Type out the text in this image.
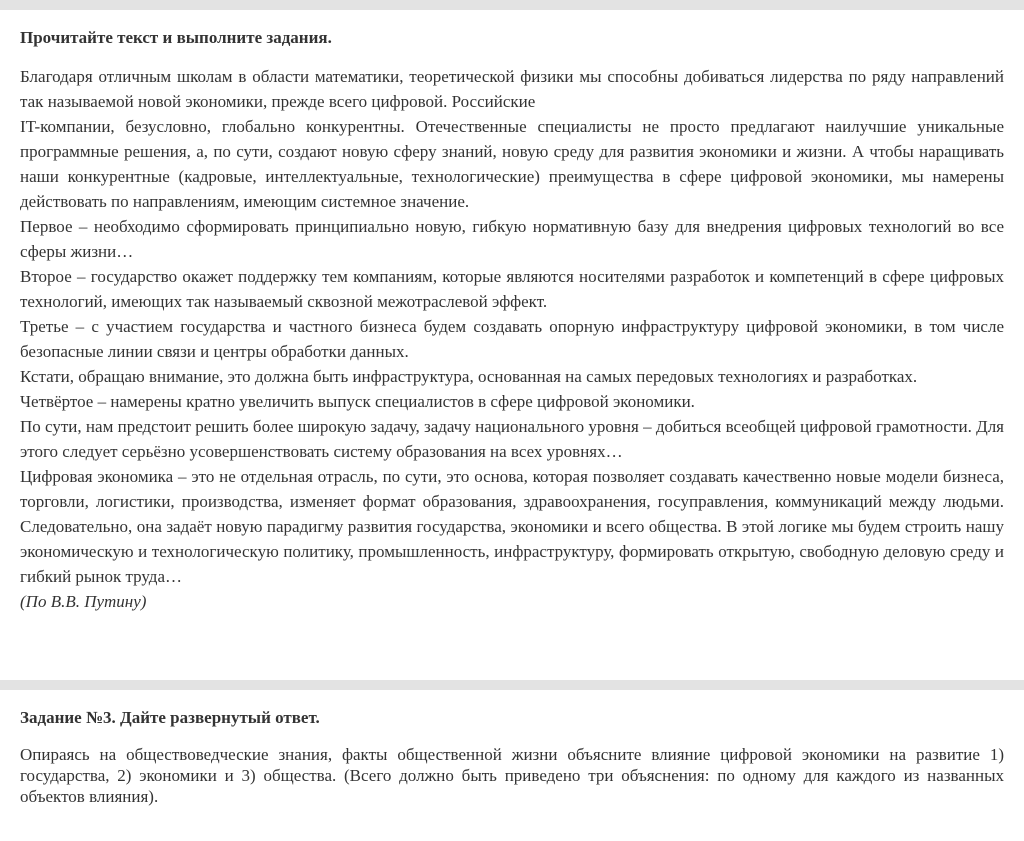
Прочитайте текст и выполните задания.

Благодаря отличным школам в области математики, теоретической физики мы способны добиваться лидерства по ряду направлений так называемой новой экономики, прежде всего цифровой. Российские

IT-компании, безусловно, глобально конкурентны. Отечественные специалисты не просто предлагают наилучшие уникальные программные решения, а, по сути, создают новую сферу знаний, новую среду для развития экономики и жизни. А чтобы наращивать наши конкурентные (кадровые, интеллектуальные, технологические) преимущества в сфере цифровой экономики, мы намерены действовать по направлениям, имеющим системное значение.

Первое – необходимо сформировать принципиально новую, гибкую нормативную базу для внедрения цифровых технологий во все сферы жизни…

Второе – государство окажет поддержку тем компаниям, которые являются носителями разработок и компетенций в сфере цифровых технологий, имеющих так называемый сквозной межотраслевой эффект.

Третье – с участием государства и частного бизнеса будем создавать опорную инфраструктуру цифровой экономики, в том числе безопасные линии связи и центры обработки данных.

Кстати, обращаю внимание, это должна быть инфраструктура, основанная на самых передовых технологиях и разработках.

Четвёртое – намерены кратно увеличить выпуск специалистов в сфере цифровой экономики.

По сути, нам предстоит решить более широкую задачу, задачу национального уровня – добиться всеобщей цифровой грамотности. Для этого следует серьёзно усовершенствовать систему образования на всех уровнях…

Цифровая экономика – это не отдельная отрасль, по сути, это основа, которая позволяет создавать качественно новые модели бизнеса, торговли, логистики, производства, изменяет формат образования, здравоохранения, госуправления, коммуникаций между людьми. Следовательно, она задаёт новую парадигму развития государства, экономики и всего общества. В этой логике мы будем строить нашу экономическую и технологическую политику, промышленность, инфраструктуру, формировать открытую, свободную деловую среду и гибкий рынок труда…

(По В.В. Путину)

Задание №3. Дайте развернутый ответ.

Опираясь на обществоведческие знания, факты общественной жизни объясните влияние цифровой экономики на развитие 1) государства, 2) экономики и 3) общества. (Всего должно быть приведено три объяснения: по одному для каждого из названных объектов влияния).
